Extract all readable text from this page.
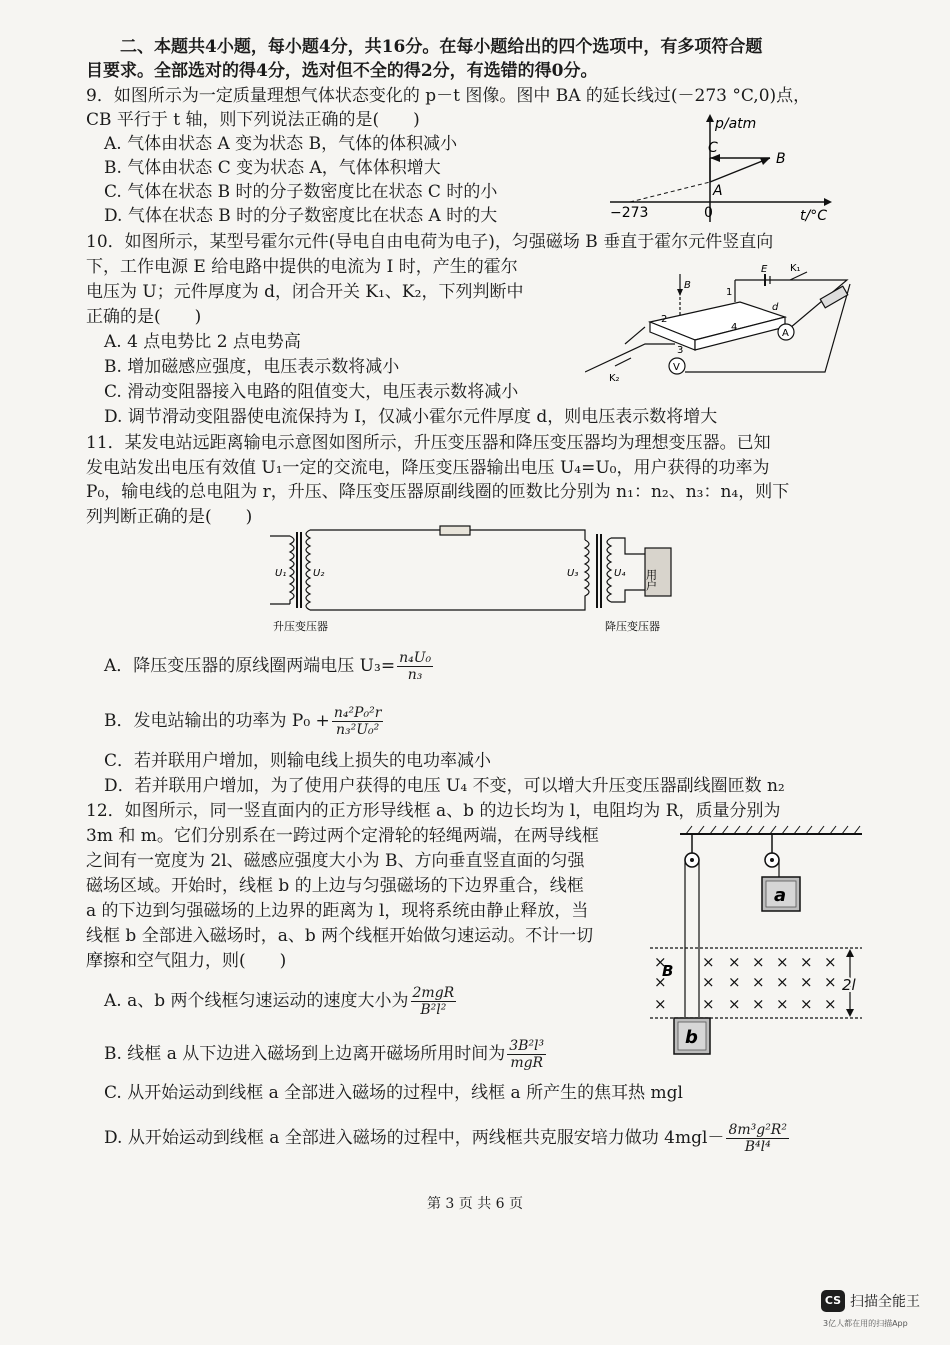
二、本题共4小题，每小题4分，共16分。在每小题给出的四个选项中，有多项符合题
目要求。全部选对的得4分，选对但不全的得2分，有选错的得0分。
9．如图所示为一定质量理想气体状态变化的 p－t 图像。图中 BA 的延长线过(－273 °C,0)点，
CB 平行于 t 轴，则下列说法正确的是(　　)
A. 气体由状态 A 变为状态 B，气体的体积减小
B. 气体由状态 C 变为状态 A，气体体积增大
C. 气体在状态 B 时的分子数密度比在状态 C 时的小
D. 气体在状态 B 时的分子数密度比在状态 A 时的大
p/atm
t/°C
0
−273
A
B
C
10．如图所示，某型号霍尔元件(导电自由电荷为电子)，匀强磁场 B 垂直于霍尔元件竖直向
下，工作电源 E 给电路中提供的电流为 I 时，产生的霍尔
电压为 U；元件厚度为 d，闭合开关 K₁、K₂，下列判断中
正确的是(　　)
A. 4 点电势比 2 点电势高
B. 增加磁感应强度，电压表示数将减小
C. 滑动变阻器接入电路的阻值变大，电压表示数将减小
D. 调节滑动变阻器使电流保持为 I，仅减小霍尔元件厚度 d，则电压表示数将增大
B
E K₁
K₂
1
2
3
4
d
A
V
11．某发电站远距离输电示意图如图所示，升压变压器和降压变压器均为理想变压器。已知
发电站发出电压有效值 U₁一定的交流电，降压变压器输出电压 U₄=U₀，用户获得的功率为
P₀，输电线的总电阻为 r，升压、降压变压器原副线圈的匝数比分别为 n₁：n₂、n₃：n₄，则下
列判断正确的是(　　)
U₁	U₂	U₃	U₄ 用户
升压变压器	降压变压器
A．降压变压器的原线圈两端电压 $U_3= \frac{\text{n₄U₀}}{\text{n₃}}$
B．发电站输出的功率为 $P_0 + \frac{\text{n₄²P₀²r}}{\text{n₃²U₀²}}$
C．若并联用户增加，则输电线上损失的电功率减小
D．若并联用户增加，为了使用户获得的电压 U₄ 不变，可以增大升压变压器副线圈匝数 n₂
12．如图所示，同一竖直面内的正方形导线框 a、b 的边长均为 l，电阻均为 R，质量分别为
3m 和 m。它们分别系在一跨过两个定滑轮的轻绳两端，在两导线框
之间有一宽度为 2l、磁感应强度大小为 B、方向垂直竖直面的匀强
磁场区域。开始时，线框 b 的上边与匀强磁场的下边界重合，线框
a 的下边到匀强磁场的上边界的距离为 l，现将系统由静止释放，当
线框 b 全部进入磁场时，a、b 两个线框开始做匀速运动。不计一切
摩擦和空气阻力，则(　　)
a
× × × × × ×
× × × × × × ×
× × × × × × ×
×
B
2l
b
A. a、b 两个线框匀速运动的速度大小为 $\frac{\text{2mgR}}{\text{B²l²}}$
B. 线框 a 从下边进入磁场到上边离开磁场所用时间为 $\frac{\text{3B²l³}}{\text{mgR}}$
C. 从开始运动到线框 a 全部进入磁场的过程中，线框 a 所产生的焦耳热 mgl
D. 从开始运动到线框 a 全部进入磁场的过程中，两线框共克服安培力做功 $4mgl- \frac{\text{8m³g²R²}}{\text{B⁴l⁴}}$
第 3 页 共 6 页
CS 扫描全能王
3亿人都在用的扫描App
